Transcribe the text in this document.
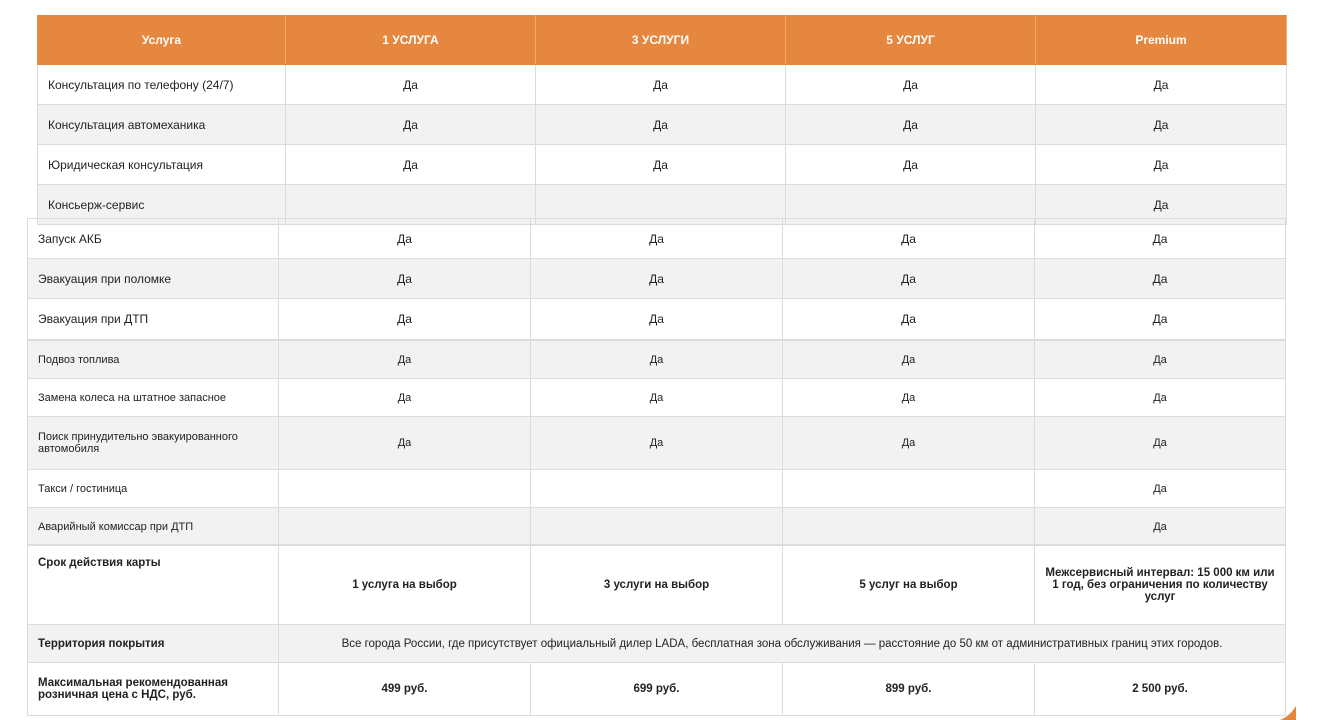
Услуга	1 УСЛУГА	3 УСЛУГИ	5 УСЛУГ	Premium
Консультация по телефону (24/7)	Да	Да	Да	Да
Консультация автомеханика	Да	Да	Да	Да
Юридическая консультация	Да	Да	Да	Да
Консьерж-сервис				Да
Запуск АКБ	Да	Да	Да	Да
Эвакуация при поломке	Да	Да	Да	Да
Эвакуация при ДТП	Да	Да	Да	Да
Подвоз топлива	Да	Да	Да	Да
Замена колеса на штатное запасное	Да	Да	Да	Да
Поиск принудительно эвакуированного автомобиля	Да	Да	Да	Да
Такси / гостиница				Да
Аварийный комиссар при ДТП				Да
Срок действия карты	1 услуга на выбор	3 услуги на выбор	5 услуг на выбор	Межсервисный интервал: 15 000 км или 1 год, без ограничения по количеству услуг
Территория покрытия	Все города России, где присутствует официальный дилер LADA, бесплатная зона обслуживания — расстояние до 50 км от административных границ этих городов.			
Максимальная рекомендованная розничная цена с НДС, руб.	499 руб.	699 руб.	899 руб.	2 500 руб.
